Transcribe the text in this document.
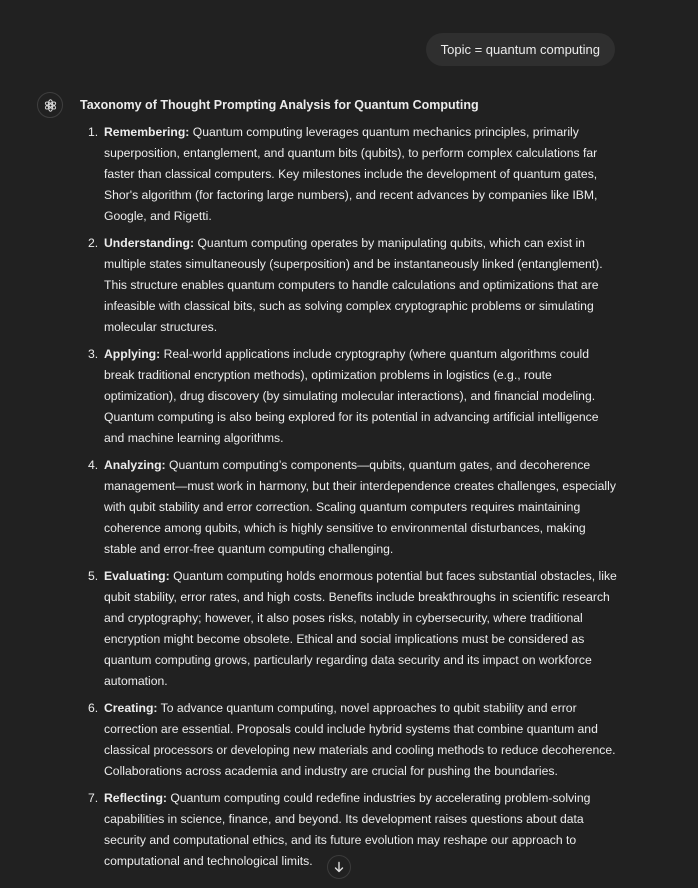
Topic = quantum computing
Taxonomy of Thought Prompting Analysis for Quantum Computing
1. Remembering: Quantum computing leverages quantum mechanics principles, primarily superposition, entanglement, and quantum bits (qubits), to perform complex calculations far faster than classical computers. Key milestones include the development of quantum gates, Shor's algorithm (for factoring large numbers), and recent advances by companies like IBM, Google, and Rigetti.
2. Understanding: Quantum computing operates by manipulating qubits, which can exist in multiple states simultaneously (superposition) and be instantaneously linked (entanglement). This structure enables quantum computers to handle calculations and optimizations that are infeasible with classical bits, such as solving complex cryptographic problems or simulating molecular structures.
3. Applying: Real-world applications include cryptography (where quantum algorithms could break traditional encryption methods), optimization problems in logistics (e.g., route optimization), drug discovery (by simulating molecular interactions), and financial modeling. Quantum computing is also being explored for its potential in advancing artificial intelligence and machine learning algorithms.
4. Analyzing: Quantum computing’s components—qubits, quantum gates, and decoherence management—must work in harmony, but their interdependence creates challenges, especially with qubit stability and error correction. Scaling quantum computers requires maintaining coherence among qubits, which is highly sensitive to environmental disturbances, making stable and error-free quantum computing challenging.
5. Evaluating: Quantum computing holds enormous potential but faces substantial obstacles, like qubit stability, error rates, and high costs. Benefits include breakthroughs in scientific research and cryptography; however, it also poses risks, notably in cybersecurity, where traditional encryption might become obsolete. Ethical and social implications must be considered as quantum computing grows, particularly regarding data security and its impact on workforce automation.
6. Creating: To advance quantum computing, novel approaches to qubit stability and error correction are essential. Proposals could include hybrid systems that combine quantum and classical processors or developing new materials and cooling methods to reduce decoherence. Collaborations across academia and industry are crucial for pushing the boundaries.
7. Reflecting: Quantum computing could redefine industries by accelerating problem-solving capabilities in science, finance, and beyond. Its development raises questions about data security and computational ethics, and its future evolution may reshape our approach to computational and technological limits.
